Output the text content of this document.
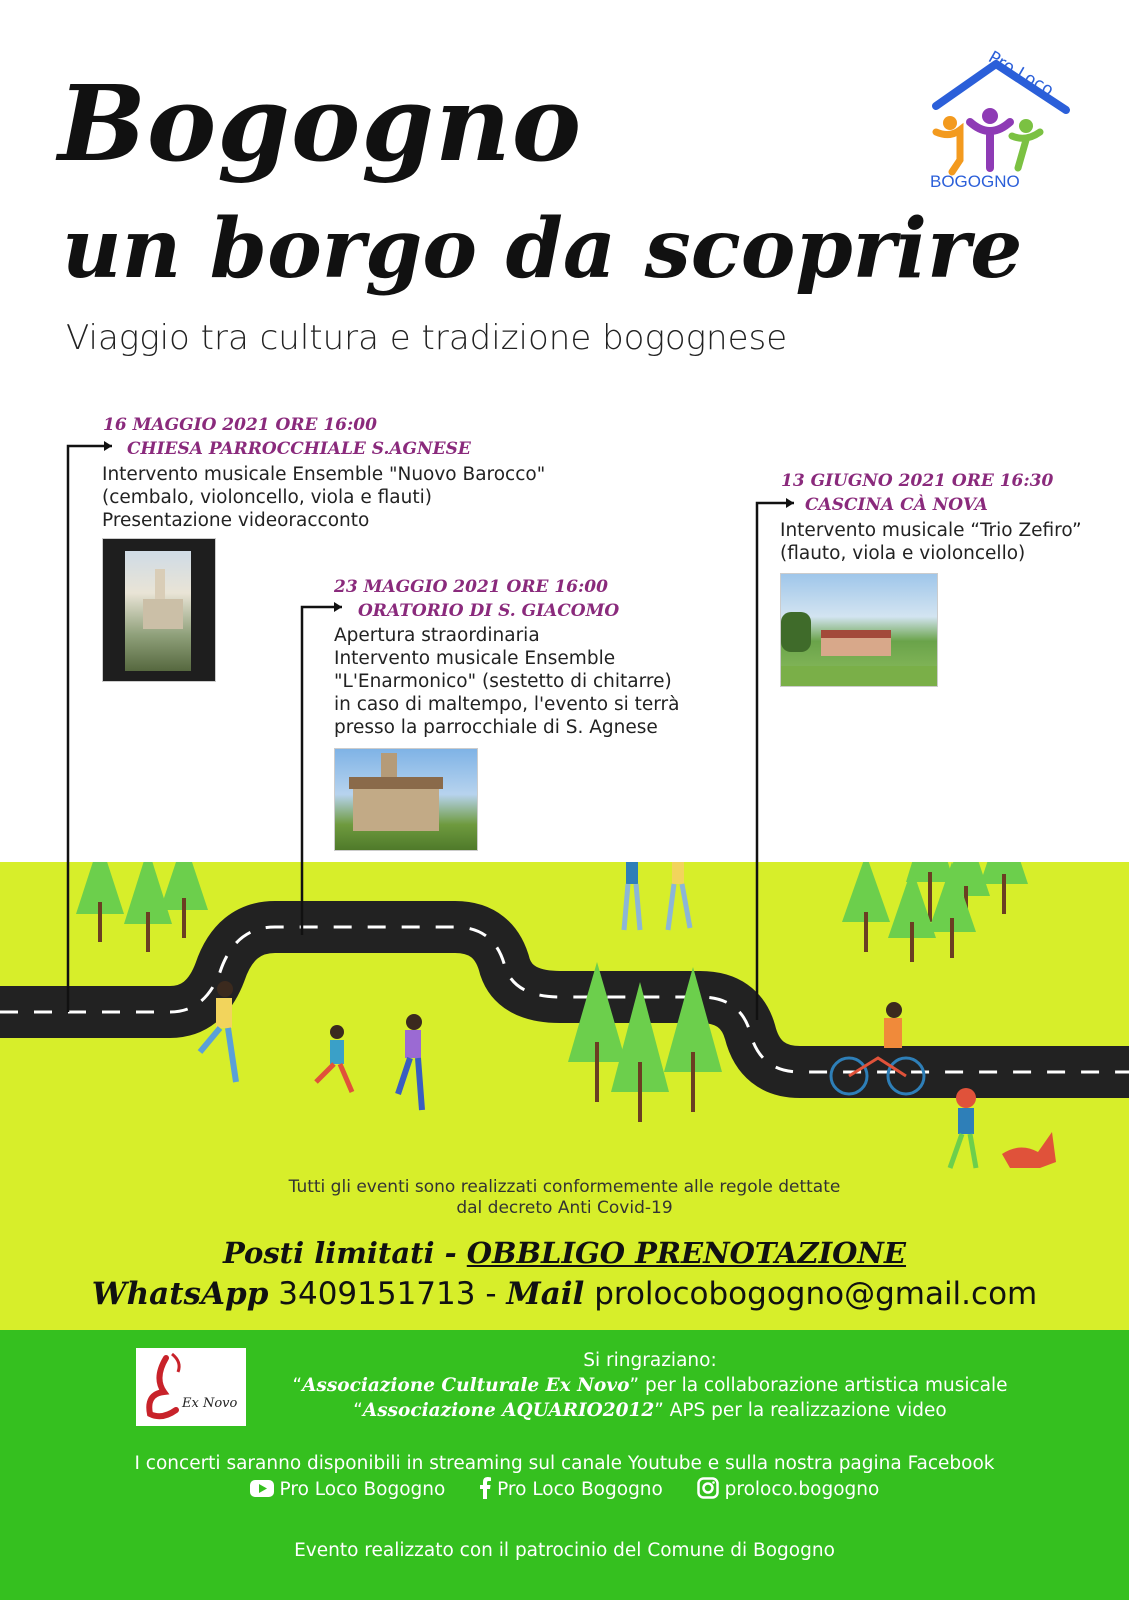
Bogogno
un borgo da scoprire
Viaggio tra cultura e tradizione bogognese
Pro Loco
BOGOGNO
16 MAGGIO 2021 ORE 16:00
CHIESA PARROCCHIALE S.AGNESE
Intervento musicale Ensemble "Nuovo Barocco"
(cembalo, violoncello, viola e flauti)
Presentazione videoracconto
23 MAGGIO 2021 ORE 16:00
ORATORIO DI S. GIACOMO
Apertura straordinaria
Intervento musicale Ensemble
"L'Enarmonico" (sestetto di chitarre)
in caso di maltempo, l'evento si terrà
presso la parrocchiale di S. Agnese
13 GIUGNO 2021 ORE 16:30
CASCINA CÀ NOVA
Intervento musicale “Trio Zefiro”
(flauto, viola e violoncello)
Tutti gli eventi sono realizzati conformemente alle regole dettate
dal decreto Anti Covid-19
Posti limitati - OBBLIGO PRENOTAZIONE
WhatsApp 3409151713 - Mail prolocobogogno@gmail.com
Ex Novo
Si ringraziano:
“Associazione Culturale Ex Novo” per la collaborazione artistica musicale
“Associazione AQUARIO2012” APS per la realizzazione video
I concerti saranno disponibili in streaming sul canale Youtube e sulla nostra pagina Facebook
Pro Loco Bogogno	Pro Loco Bogogno	proloco.bogogno
Evento realizzato con il patrocinio del Comune di Bogogno
